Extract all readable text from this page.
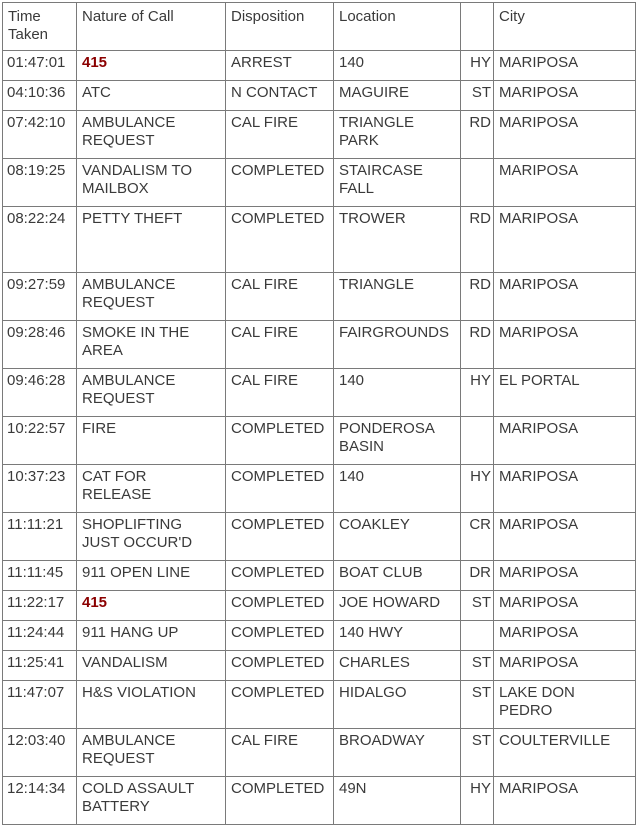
Time
Taken	Nature of Call	Disposition	Location		City
01:47:01	415	ARREST	140	HY	MARIPOSA
04:10:36	ATC	N CONTACT	MAGUIRE	ST	MARIPOSA
07:42:10	AMBULANCE
REQUEST	CAL FIRE	TRIANGLE
PARK	RD	MARIPOSA
08:19:25	VANDALISM TO
MAILBOX	COMPLETED	STAIRCASE
FALL		MARIPOSA
08:22:24	PETTY THEFT	COMPLETED	TROWER	RD	MARIPOSA
09:27:59	AMBULANCE
REQUEST	CAL FIRE	TRIANGLE	RD	MARIPOSA
09:28:46	SMOKE IN THE
AREA	CAL FIRE	FAIRGROUNDS	RD	MARIPOSA
09:46:28	AMBULANCE
REQUEST	CAL FIRE	140	HY	EL PORTAL
10:22:57	FIRE	COMPLETED	PONDEROSA
BASIN		MARIPOSA
10:37:23	CAT FOR
RELEASE	COMPLETED	140	HY	MARIPOSA
11:11:21	SHOPLIFTING
JUST OCCUR'D	COMPLETED	COAKLEY	CR	MARIPOSA
11:11:45	911 OPEN LINE	COMPLETED	BOAT CLUB	DR	MARIPOSA
11:22:17	415	COMPLETED	JOE HOWARD	ST	MARIPOSA
11:24:44	911 HANG UP	COMPLETED	140 HWY		MARIPOSA
11:25:41	VANDALISM	COMPLETED	CHARLES	ST	MARIPOSA
11:47:07	H&S VIOLATION	COMPLETED	HIDALGO	ST	LAKE DON
PEDRO
12:03:40	AMBULANCE
REQUEST	CAL FIRE	BROADWAY	ST	COULTERVILLE
12:14:34	COLD ASSAULT
BATTERY	COMPLETED	49N	HY	MARIPOSA
